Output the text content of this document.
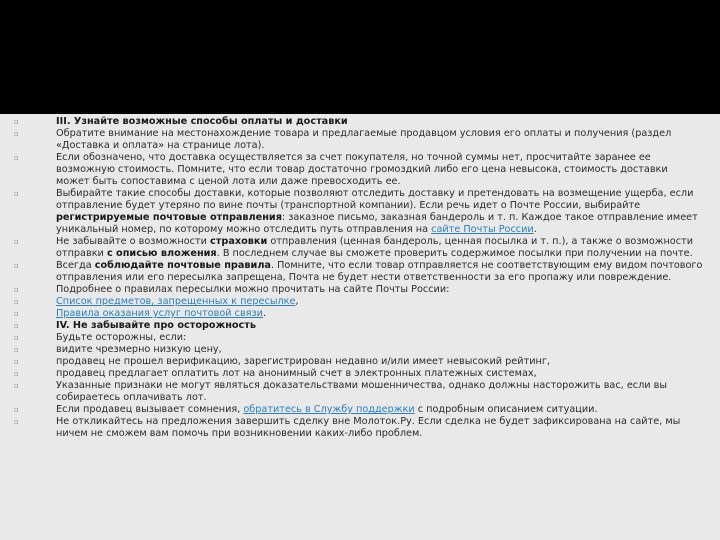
▫
III. Узнайте возможные способы оплаты и доставки
▫
Обратите внимание на местонахождение товара и предлагаемые продавцом условия его оплаты и получения (раздел «Доставка и оплата» на странице лота).
▫
Если обозначено, что доставка осуществляется за счет покупателя, но точной суммы нет, просчитайте заранее ее возможную стоимость. Помните, что если товар достаточно громоздкий либо его цена невысока, стоимость доставки может быть сопоставима с ценой лота или даже превосходить ее.
▫
Выбирайте такие способы доставки, которые позволяют отследить доставку и претендовать на возмещение ущерба, если отправление будет утеряно по вине почты (транспортной компании). Если речь идет о Почте России, выбирайте регистрируемые почтовые отправления: заказное письмо, заказная бандероль и т. п. Каждое такое отправление имеет уникальный номер, по которому можно отследить путь отправления на сайте Почты России.
▫
Не забывайте о возможности страховки отправления (ценная бандероль, ценная посылка и т. п.), а также о возможности отправки с описью вложения. В последнем случае вы сможете проверить содержимое посылки при получении на почте.
▫
Всегда соблюдайте почтовые правила. Помните, что если товар отправляется не соответствующим ему видом почтового отправления или его пересылка запрещена, Почта не будет нести ответственности за его пропажу или повреждение.
▫
Подробнее о правилах пересылки можно прочитать на сайте Почты России:
▫
Список предметов, запрещенных к пересылке,
▫
Правила оказания услуг почтовой связи.
▫
IV. Не забывайте про осторожность
▫
Будьте осторожны, если:
▫
видите чрезмерно низкую цену,
▫
продавец не прошел верификацию, зарегистрирован недавно и/или имеет невысокий рейтинг,
▫
продавец предлагает оплатить лот на анонимный счет в электронных платежных системах,
▫
Указанные признаки не могут являться доказательствами мошенничества, однако должны насторожить вас, если вы собираетесь оплачивать лот.
▫
Если продавец вызывает сомнения, обратитесь в Службу поддержки с подробным описанием ситуации.
▫
Не откликайтесь на предложения завершить сделку вне Молоток.Ру. Если сделка не будет зафиксирована на сайте, мы ничем не сможем вам помочь при возникновении каких-либо проблем.
